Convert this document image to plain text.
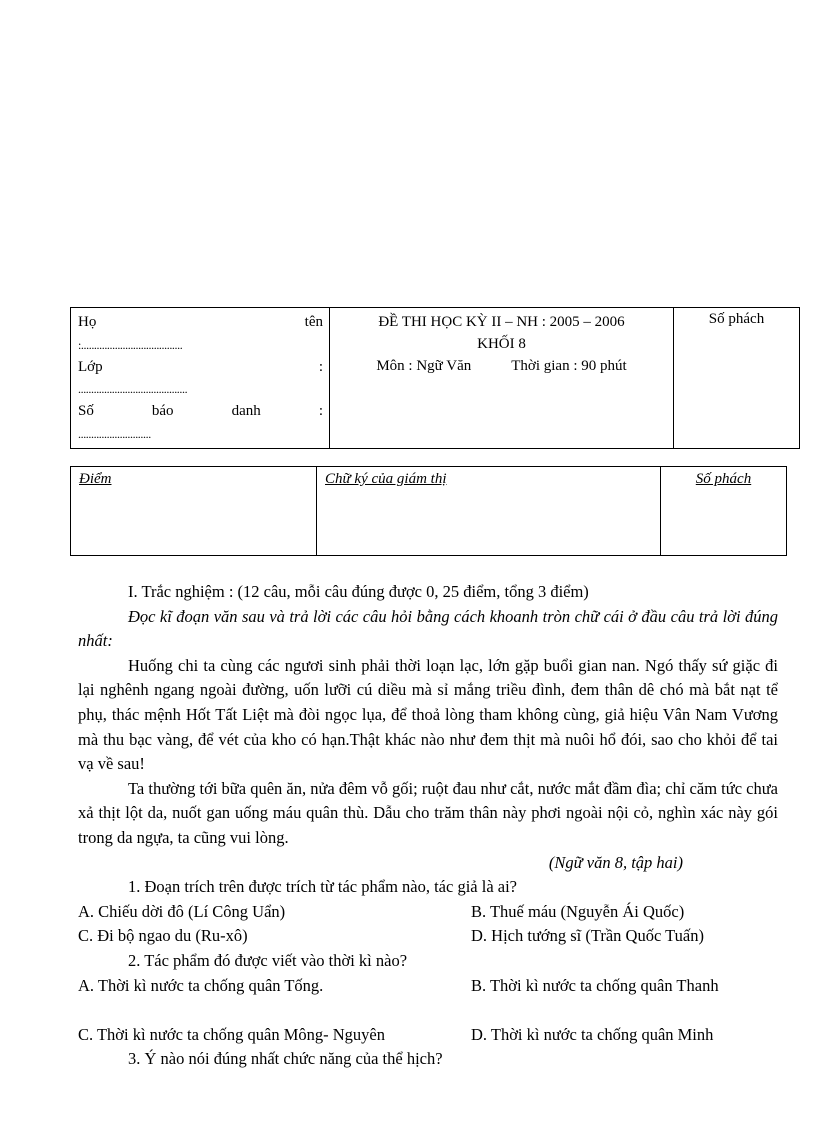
Họ	tên
:.......................................
Lớp	:
..........................................
Số	báo	danh	:
............................

ĐỀ THI HỌC KỲ II – NH : 2005 – 2006
KHỐI 8
Môn : Ngữ Văn	Thời gian : 90 phút
	Số phách
Điểm	Chữ ký của giám thị	Số phách

I. Trắc nghiệm : (12 câu, mỗi câu đúng được 0, 25 điểm, tổng 3 điểm)

Đọc kĩ đoạn văn sau và trả lời các câu hỏi bằng cách khoanh tròn chữ cái ở đầu câu trả lời đúng nhất:

Huống chi ta cùng các ngươi sinh phải thời loạn lạc, lớn gặp buổi gian nan. Ngó thấy sứ giặc đi lại nghênh ngang ngoài đường, uốn lưỡi cú diều mà sỉ mắng triều đình, đem thân dê chó mà bắt nạt tể phụ, thác mệnh Hốt Tất Liệt mà đòi ngọc lụa, để thoả lòng tham không cùng, giả hiệu Vân Nam Vương mà thu bạc vàng, để vét của kho có hạn.Thật khác nào như đem thịt mà nuôi hổ đói, sao cho khỏi để tai vạ về sau!

Ta thường tới bữa quên ăn, nửa đêm vỗ gối; ruột đau như cắt, nước mắt đầm đìa; chỉ căm tức chưa xả thịt lột da, nuốt gan uống máu quân thù. Dẫu cho trăm thân này phơi ngoài nội cỏ, nghìn xác này gói trong da ngựa, ta cũng vui lòng.

(Ngữ văn 8, tập hai)

1. Đoạn trích trên được trích từ tác phẩm nào, tác giả là ai?

A. Chiếu dời đô (Lí Công Uẩn)	B. Thuế máu (Nguyễn Ái Quốc)
C. Đi bộ ngao du (Ru-xô)	D. Hịch tướng sĩ (Trần Quốc Tuấn)

2. Tác phẩm đó được viết vào thời kì nào?

A. Thời kì nước ta chống quân Tống.	B. Thời kì nước ta chống quân Thanh
C. Thời kì nước ta chống quân Mông- Nguyên	D. Thời kì nước ta chống quân Minh

3. Ý nào nói đúng nhất chức năng của thể hịch?
